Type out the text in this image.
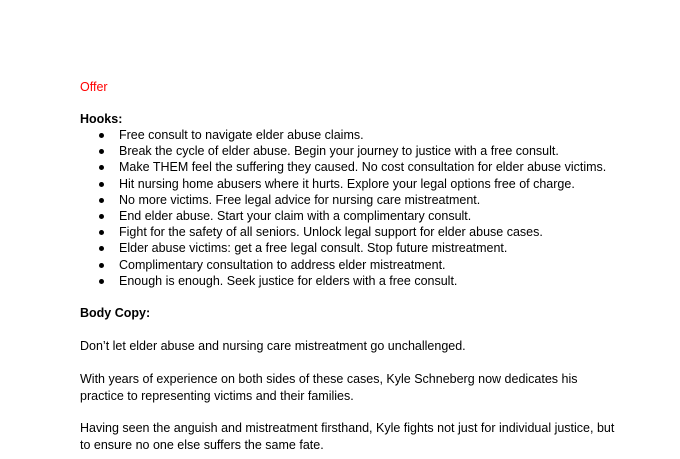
Offer

Hooks:

Free consult to navigate elder abuse claims.
Break the cycle of elder abuse. Begin your journey to justice with a free consult.
Make THEM feel the suffering they caused. No cost consultation for elder abuse victims.
Hit nursing home abusers where it hurts. Explore your legal options free of charge.
No more victims. Free legal advice for nursing care mistreatment.
End elder abuse. Start your claim with a complimentary consult.
Fight for the safety of all seniors. Unlock legal support for elder abuse cases.
Elder abuse victims: get a free legal consult. Stop future mistreatment.
Complimentary consultation to address elder mistreatment.
Enough is enough. Seek justice for elders with a free consult.

Body Copy:

Don’t let elder abuse and nursing care mistreatment go unchallenged.

With years of experience on both sides of these cases, Kyle Schneberg now dedicates his practice to representing victims and their families.

Having seen the anguish and mistreatment firsthand, Kyle fights not just for individual justice, but to ensure no one else suffers the same fate.
